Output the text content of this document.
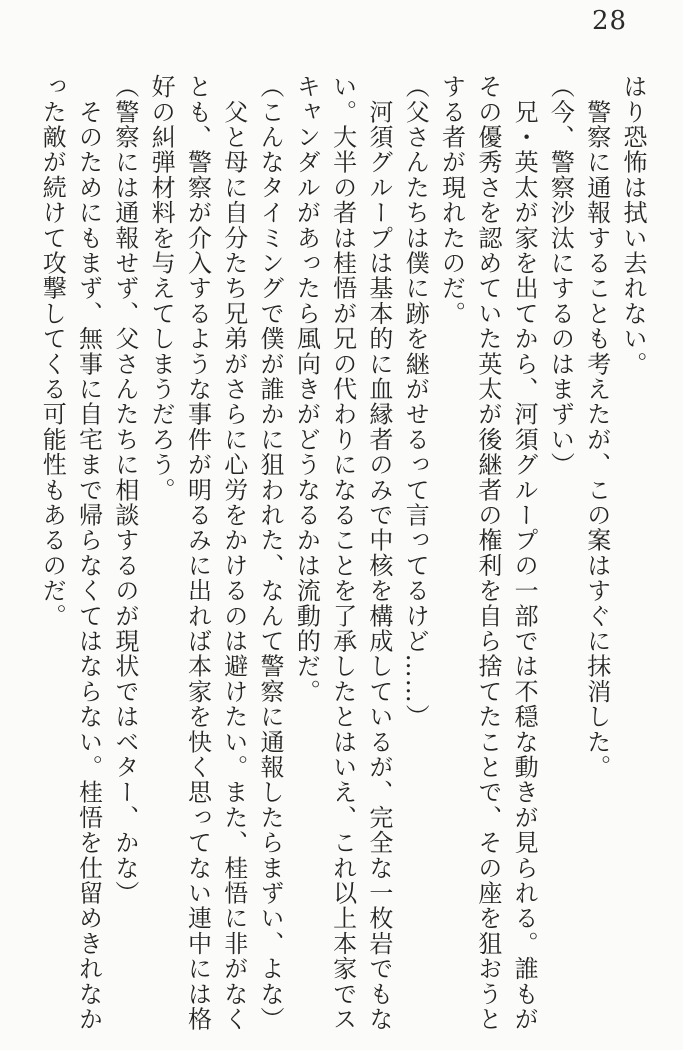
28
はり恐怖は拭い去れない。
　警察に通報することも考えたが、この案はすぐに抹消した。
（今、警察沙汰にするのはまずい）
　兄・英太が家を出てから、河須グループの一部では不穏な動きが見られる。誰もが
その優秀さを認めていた英太が後継者の権利を自ら捨てたことで、その座を狙おうと
する者が現れたのだ。
（父さんたちは僕に跡を継がせるって言ってるけど……）
　河須グループは基本的に血縁者のみで中核を構成しているが、完全な一枚岩でもな
い。大半の者は桂悟が兄の代わりになることを了承したとはいえ、これ以上本家でス
キャンダルがあったら風向きがどうなるかは流動的だ。
（こんなタイミングで僕が誰かに狙われた、なんて警察に通報したらまずい、よな）
　父と母に自分たち兄弟がさらに心労をかけるのは避けたい。また、桂悟に非がなく
とも、警察が介入するような事件が明るみに出れば本家を快く思ってない連中には格
好の糾弾材料を与えてしまうだろう。
（警察には通報せず、父さんたちに相談するのが現状ではベター、かな）
　そのためにもまず、無事に自宅まで帰らなくてはならない。桂悟を仕留めきれなか
った敵が続けて攻撃してくる可能性もあるのだ。
